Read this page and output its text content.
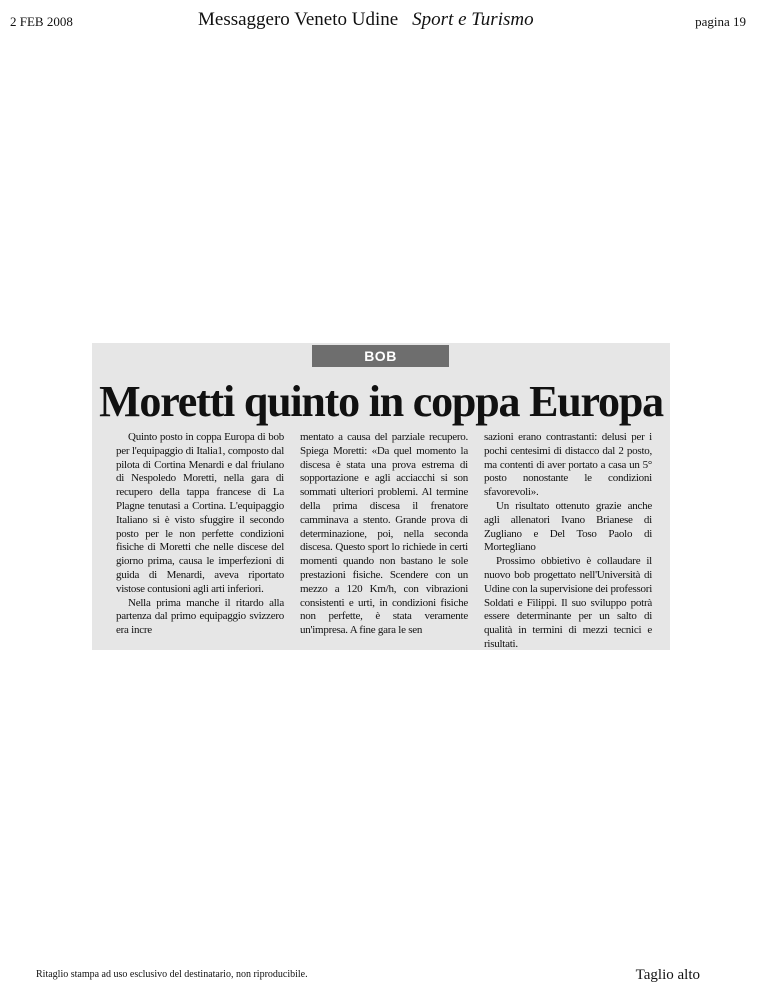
2 FEB 2008	Messaggero Veneto Udine Sport e Turismo	pagina 19
BOB
Moretti quinto in coppa Europa

Quinto posto in coppa Europa di bob per l'equipaggio di Italia1, composto dal pilota di Cortina Menardi e dal friulano di Nespoledo Moretti, nella gara di recupero della tappa francese di La Plagne tenutasi a Cortina. L'equipaggio Italiano si è visto sfuggire il secondo posto per le non perfette condizioni fisiche di Moretti che nelle discese del giorno prima, causa le imperfezioni di guida di Menardi, aveva riportato vistose contusioni agli arti inferiori.

Nella prima manche il ritardo alla partenza dal primo equipaggio svizzero era incre

mentato a causa del parziale recupero. Spiega Moretti: «Da quel momento la discesa è stata una prova estrema di sopportazione e agli acciacchi si son sommati ulteriori problemi. Al termine della prima discesa il frenatore camminava a stento. Grande prova di determinazione, poi, nella seconda discesa. Questo sport lo richiede in certi momenti quando non bastano le sole prestazioni fisiche. Scendere con un mezzo a 120 Km/h, con vibrazioni consistenti e urti, in condizioni fisiche non perfette, è stata veramente un'impresa. A fine gara le sen

sazioni erano contrastanti: delusi per i pochi centesimi di distacco dal 2 posto, ma contenti di aver portato a casa un 5° posto nonostante le condizioni sfavorevoli».

Un risultato ottenuto grazie anche agli allenatori Ivano Brianese di Zugliano e Del Toso Paolo di Mortegliano

Prossimo obbietivo è collaudare il nuovo bob progettato nell'Università di Udine con la supervisione dei professori Soldati e Filippi. Il suo sviluppo potrà essere determinante per un salto di qualità in termini di mezzi tecnici e risultati.

Ritaglio stampa ad uso esclusivo del destinatario, non riproducibile.	Taglio alto
